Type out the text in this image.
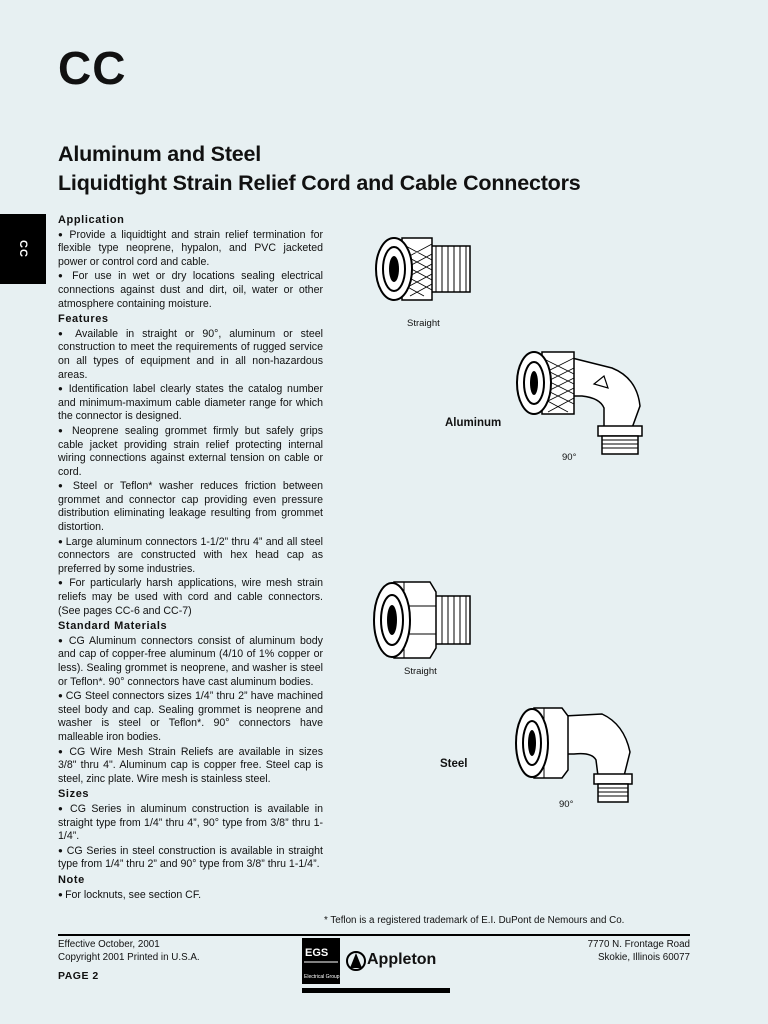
CC
Aluminum and Steel
Liquidtight Strain Relief Cord and Cable Connectors
CC
Application
● Provide a liquidtight and strain relief termination for flexible type neoprene, hypalon, and PVC jacketed power or control cord and cable.
● For use in wet or dry locations sealing electrical connections against dust and dirt, oil, water or other atmosphere containing moisture.
Features
● Available in straight or 90°, aluminum or steel construction to meet the requirements of rugged service on all types of equipment and in all non-hazardous areas.
● Identification label clearly states the catalog number and minimum-maximum cable diameter range for which the connector is designed.
● Neoprene sealing grommet firmly but safely grips cable jacket providing strain relief protecting internal wiring connections against external tension on cable or cord.
● Steel or Teflon* washer reduces friction between grommet and connector cap providing even pressure distribution eliminating leakage resulting from grommet distortion.
● Large aluminum connectors 1-1/2” thru 4” and all steel connectors are constructed with hex head cap as preferred by some industries.
● For particularly harsh applications, wire mesh strain reliefs may be used with cord and cable connectors. (See pages CC-6 and CC-7)
Standard Materials
● CG Aluminum connectors consist of aluminum body and cap of copper-free aluminum (4/10 of 1% copper or less). Sealing grommet is neoprene, and washer is steel or Teflon*. 90° connectors have cast aluminum bodies.
● CG Steel connectors sizes 1/4” thru 2” have machined steel body and cap. Sealing grommet is neoprene and washer is steel or Teflon*. 90° connectors have malleable iron bodies.
● CG Wire Mesh Strain Reliefs are available in sizes 3/8" thru 4". Aluminum cap is copper free. Steel cap is steel, zinc plate. Wire mesh is stainless steel.
Sizes
● CG Series in aluminum construction is available in straight type from 1/4” thru 4”, 90° type from 3/8” thru 1-1/4”.
● CG Series in steel construction is available in straight type from 1/4” thru 2” and 90° type from 3/8” thru 1-1/4”.
Note
● For locknuts, see section CF.
Straight
Aluminum
90°
Straight
Steel
90°
* Teflon is a registered trademark of E.I. DuPont de Nemours and Co.
Effective October, 2001
Copyright 2001 Printed in U.S.A.
PAGE 2
EGS
Electrical Group
Appleton
7770 N. Frontage Road
Skokie, Illinois 60077
